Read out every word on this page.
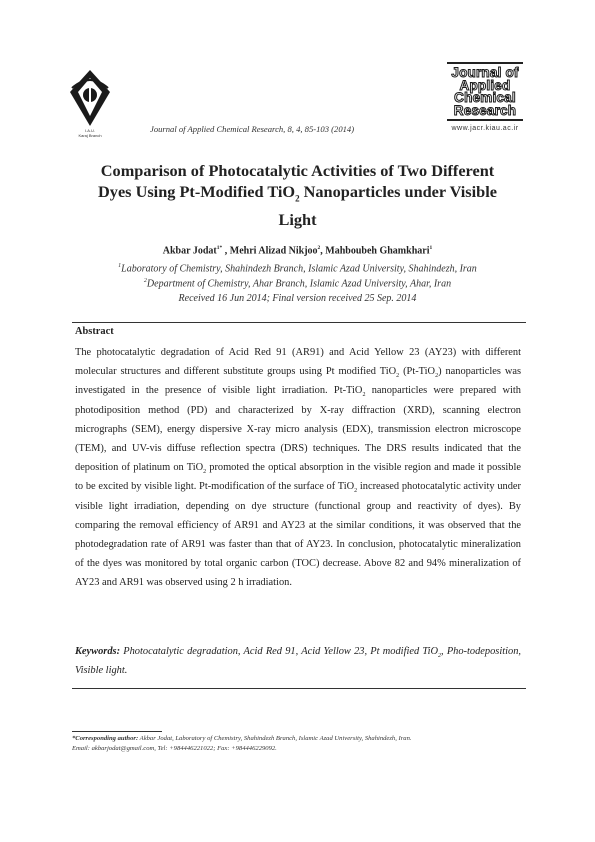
I.A.U.
Karaj Branch
Journal of Applied Chemical Research, 8, 4, 85-103 (2014)
Journal of
Applied
Chemical
Research
www.jacr.kiau.ac.ir
Comparison of Photocatalytic Activities of Two Different
Dyes Using Pt-Modified TiO$_2$ Nanoparticles under Visible
Light
Akbar Jodat$^{1*}$ , Mehri Alizad Nikjoo$^2$, Mahboubeh Ghamkhari$^1$
$^1$Laboratory of Chemistry, Shahindezh Branch, Islamic Azad University, Shahindezh, Iran
$^2$Department of Chemistry, Ahar Branch, Islamic Azad University, Ahar, Iran
Received 16 Jun 2014; Final version received 25 Sep. 2014
Abstract
The photocatalytic degradation of Acid Red 91 (AR91) and Acid Yellow 23 (AY23) with different molecular structures and different substitute groups using Pt modified TiO$_2$ (Pt-TiO$_2$) nanoparticles was investigated in the presence of visible light irradiation. Pt-TiO$_2$ nanoparticles were prepared with photodiposition method (PD) and characterized by X-ray diffraction (XRD), scanning electron micrographs (SEM), energy dispersive X-ray micro analysis (EDX), transmission electron microscope (TEM), and UV-vis diffuse reflection spectra (DRS) techniques. The DRS results indicated that the deposition of platinum on TiO$_2$ promoted the optical absorption in the visible region and made it possible to be excited by visible light. Pt-modification of the surface of TiO$_2$ increased photocatalytic activity under visible light irradiation, depending on dye structure (functional group and reactivity of dyes). By comparing the removal efficiency of AR91 and AY23 at the similar conditions, it was observed that the photodegradation rate of AR91 was faster than that of AY23. In conclusion, photocatalytic mineralization of the dyes was monitored by total organic carbon (TOC) decrease. Above 82 and 94% mineralization of AY23 and AR91 was observed using 2 h irradiation.
Keywords: Photocatalytic degradation, Acid Red 91, Acid Yellow 23, Pt modified TiO$_2$, Pho-todeposition, Visible light.
*Corresponding author: Akbar Jodat, Laboratory of Chemistry, Shahindezh Branch, Islamic Azad University, Shahindezh, Iran.
Email: akbarjodat@gmail.com, Tel: +984446221022; Fax: +984446229092.
